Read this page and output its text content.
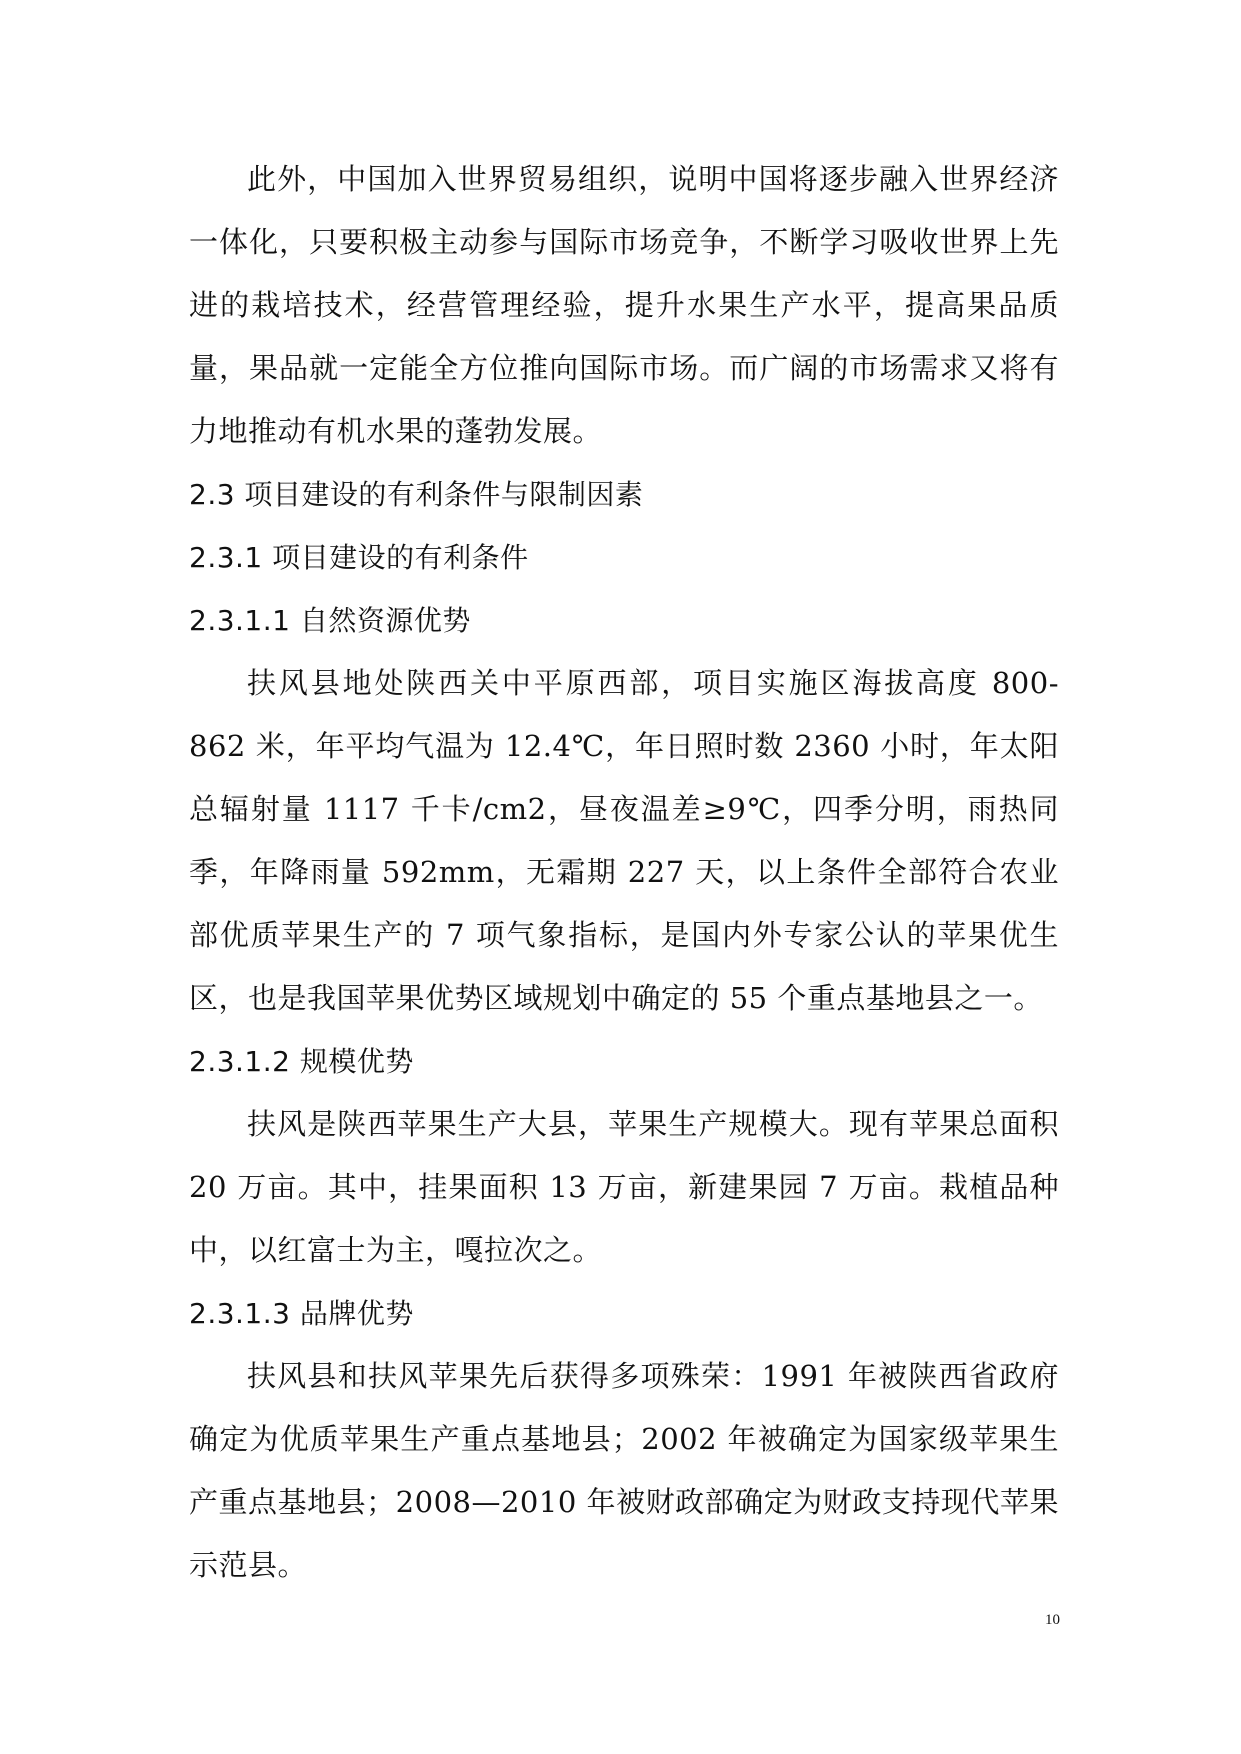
此外，中国加入世界贸易组织，说明中国将逐步融入世界经济一体化，只要积极主动参与国际市场竞争，不断学习吸收世界上先进的栽培技术，经营管理经验，提升水果生产水平，提高果品质量，果品就一定能全方位推向国际市场。而广阔的市场需求又将有力地推动有机水果的蓬勃发展。

2.3 项目建设的有利条件与限制因素

2.3.1 项目建设的有利条件

2.3.1.1 自然资源优势

扶风县地处陕西关中平原西部，项目实施区海拔高度 800-862 米，年平均气温为 12.4℃，年日照时数 2360 小时，年太阳总辐射量 1117 千卡/cm2，昼夜温差≥9℃，四季分明，雨热同季，年降雨量 592mm，无霜期 227 天，以上条件全部符合农业部优质苹果生产的 7 项气象指标，是国内外专家公认的苹果优生区，也是我国苹果优势区域规划中确定的 55 个重点基地县之一。

2.3.1.2 规模优势

扶风是陕西苹果生产大县，苹果生产规模大。现有苹果总面积 20 万亩。其中，挂果面积 13 万亩，新建果园 7 万亩。栽植品种中，以红富士为主，嘎拉次之。

2.3.1.3 品牌优势

扶风县和扶风苹果先后获得多项殊荣：1991 年被陕西省政府确定为优质苹果生产重点基地县；2002 年被确定为国家级苹果生产重点基地县；2008—2010 年被财政部确定为财政支持现代苹果示范县。

10
